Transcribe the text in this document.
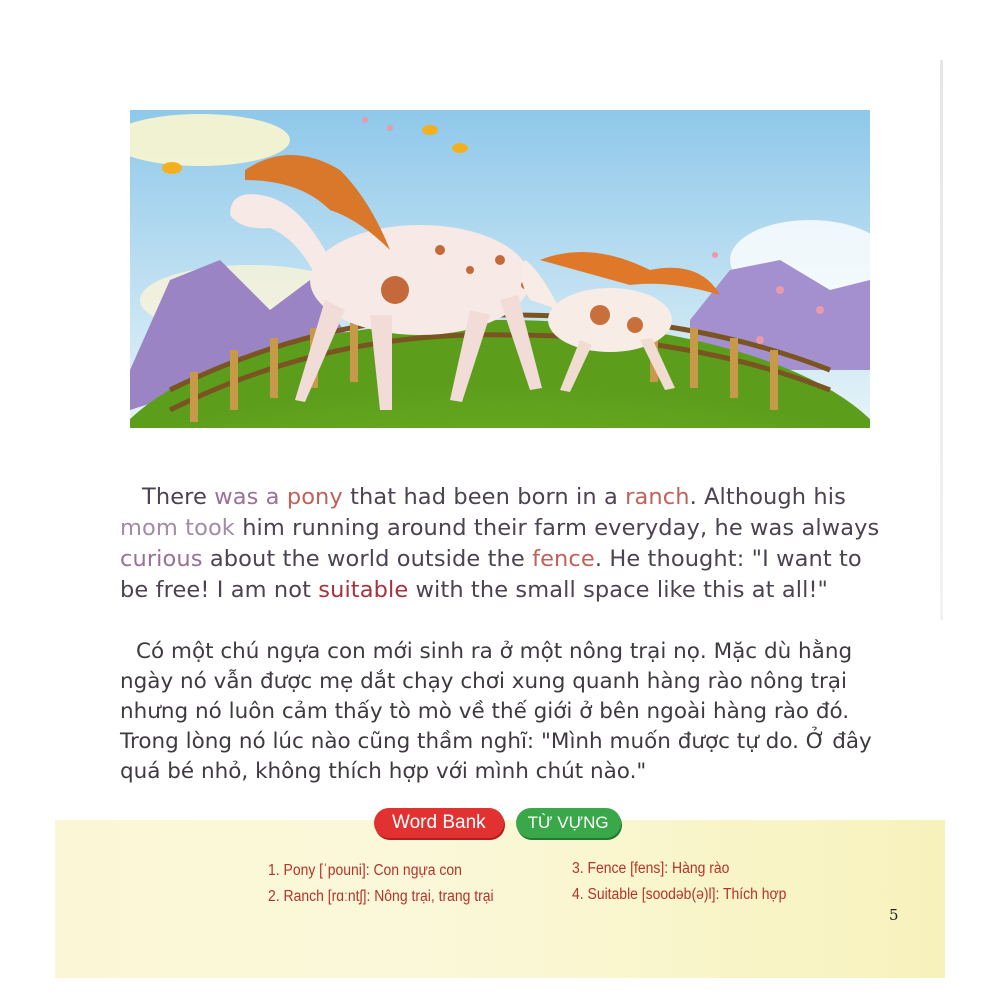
There was a pony that had been born in a ranch. Although his mom took him running around their farm everyday, he was always curious about the world outside the fence. He thought: "I want to be free! I am not suitable with the small space like this at all!"

Có một chú ngựa con mới sinh ra ở một nông trại nọ. Mặc dù hằng ngày nó vẫn được mẹ dắt chạy chơi xung quanh hàng rào nông trại nhưng nó luôn cảm thấy tò mò về thế giới ở bên ngoài hàng rào đó. Trong lòng nó lúc nào cũng thầm nghĩ: "Mình muốn được tự do. Ở đây quá bé nhỏ, không thích hợp với mình chút nào."

Word Bank	TỪ VỰNG
1. Pony [ˈpouni]: Con ngựa con
2. Ranch [rɑːntʃ]: Nông trại, trang trại
3. Fence [fens]: Hàng rào
4. Suitable [soodəb(ə)l]: Thích hợp
5
